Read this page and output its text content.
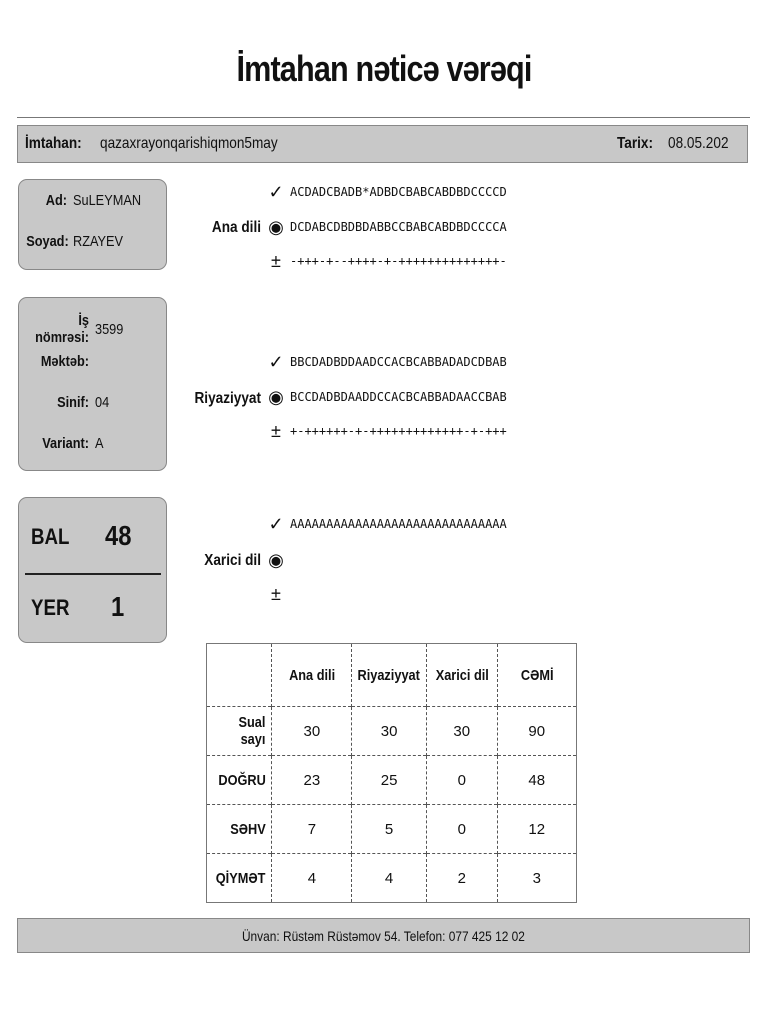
İmtahan nəticə vərəqi
İmtahan: qazaxrayonqarishiqmon5may	Tarix: 08.05.202
Ad: SuLEYMAN
Soyad: RZAYEV
İş nömrəsi: 3599
Məktəb:
Sinif: 04
Variant: A
BAL 48
YER 1
Ana dili
✓ ACDADCBADB*ADBDCBABCABDBDCCCCD
◉ DCDABCDBDBDABBCCBABCABDBDCCCCA
± -+++-+--++++-+-++++++++++++++-
Riyaziyyat
✓ BBCDADBDDAADCCACBCABBADADCDBAB
◉ BCCDADBDAADDCCACBCABBADAACCBAB
± +-++++++-+-+++++++++++++-+-+++
Xarici dil
✓ AAAAAAAAAAAAAAAAAAAAAAAAAAAAAA
◉
±
	Ana dili	Riyaziyyat	Xarici dil	CƏMİ
Sual sayı	30	30	30	90
DOĞRU	23	25	0	48
SƏHV	7	5	0	12
QİYMƏT	4	4	2	3
Ünvan: Rüstəm Rüstəmov 54. Telefon: 077 425 12 02
